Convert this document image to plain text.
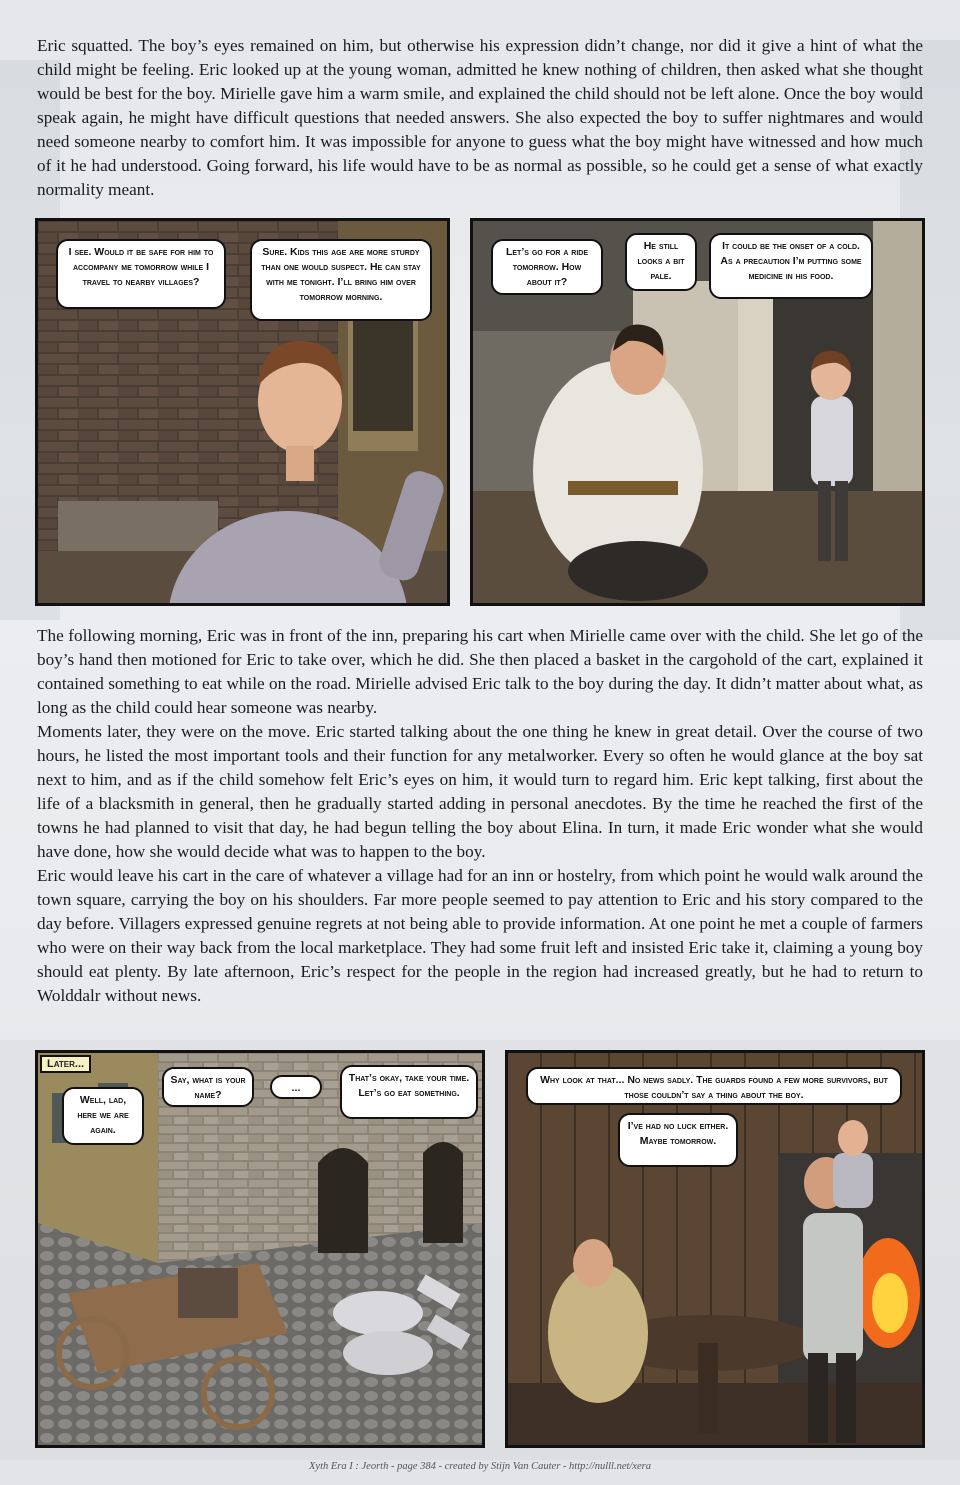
Eric squatted. The boy’s eyes remained on him, but otherwise his expression didn’t change, nor did it give a hint of what the child might be feeling. Eric looked up at the young woman, admitted he knew nothing of children, then asked what she thought would be best for the boy. Mirielle gave him a warm smile, and explained the child should not be left alone. Once the boy would speak again, he might have difficult questions that needed answers. She also expected the boy to suffer nightmares and would need someone nearby to comfort him. It was impossible for anyone to guess what the boy might have witnessed and how much of it he had understood. Going forward, his life would have to be as normal as possible, so he could get a sense of what exactly normality meant.

I see. Would it be safe for him to accompany me tomorrow while I travel to nearby villages?
Sure. Kids this age are more sturdy than one would suspect. He can stay with me tonight. I’ll bring him over tomorrow morning.
Let’s go for a ride tomorrow. How about it?
He still looks a bit pale.
It could be the onset of a cold. As a precaution I’m putting some medicine in his food.

The following morning, Eric was in front of the inn, preparing his cart when Mirielle came over with the child. She let go of the boy’s hand then motioned for Eric to take over, which he did. She then placed a basket in the cargohold of the cart, explained it contained something to eat while on the road. Mirielle advised Eric talk to the boy during the day. It didn’t matter about what, as long as the child could hear someone was nearby.

Moments later, they were on the move. Eric started talking about the one thing he knew in great detail. Over the course of two hours, he listed the most important tools and their function for any metalworker. Every so often he would glance at the boy sat next to him, and as if the child somehow felt Eric’s eyes on him, it would turn to regard him. Eric kept talking, first about the life of a blacksmith in general, then he gradually started adding in personal anecdotes. By the time he reached the first of the towns he had planned to visit that day, he had begun telling the boy about Elina. In turn, it made Eric wonder what she would have done, how she would decide what was to happen to the boy.

Eric would leave his cart in the care of whatever a village had for an inn or hostelry, from which point he would walk around the town square, carrying the boy on his shoulders. Far more people seemed to pay attention to Eric and his story compared to the day before. Villagers expressed genuine regrets at not being able to provide information. At one point he met a couple of farmers who were on their way back from the local marketplace. They had some fruit left and insisted Eric take it, claiming a young boy should eat plenty. By late afternoon, Eric’s respect for the people in the region had increased greatly, but he had to return to Wolddalr without news.

Later...
Well, lad, here we are again.
Say, what is your name?
...
That’s okay, take your time. Let’s go eat something.
Why look at that... No news sadly. The guards found a few more survivors, but those couldn’t say a thing about the boy.
I’ve had no luck either. Maybe tomorrow.
Xyth Era I : Jeorth - page 384 - created by Stijn Van Cauter - http://nulll.net/xera
